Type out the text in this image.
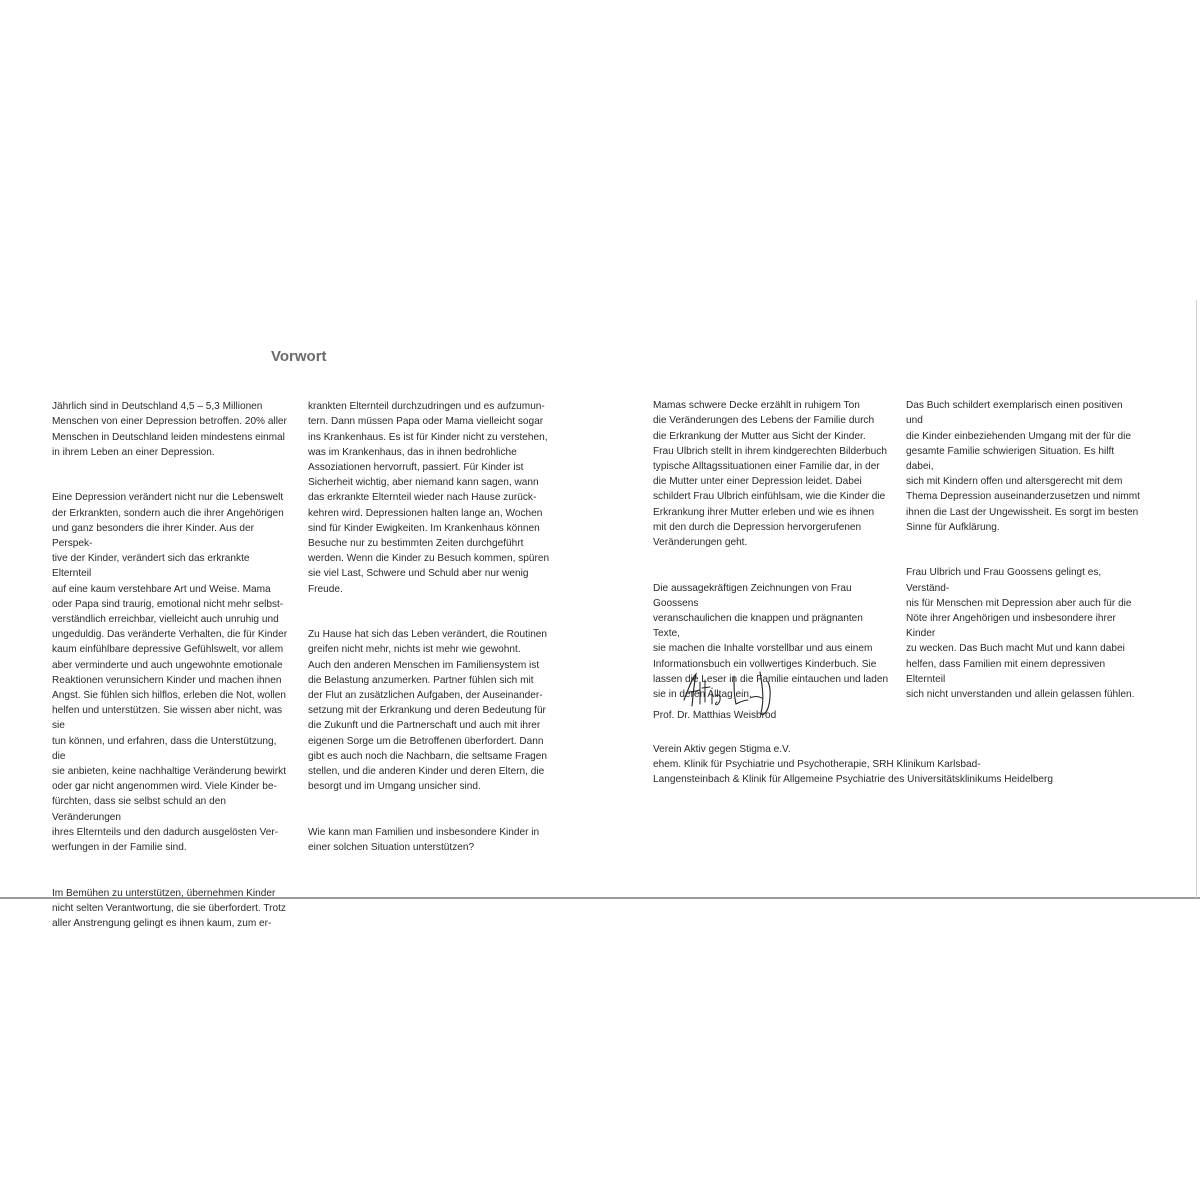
Vorwort

Jährlich sind in Deutschland 4,5 – 5,3 Millionen
Menschen von einer Depression betroffen. 20% aller
Menschen in Deutschland leiden mindestens einmal
in ihrem Leben an einer Depression.

Eine Depression verändert nicht nur die Lebenswelt
der Erkrankten, sondern auch die ihrer Angehörigen
und ganz besonders die ihrer Kinder. Aus der Perspek-
tive der Kinder, verändert sich das erkrankte Elternteil
auf eine kaum verstehbare Art und Weise. Mama
oder Papa sind traurig, emotional nicht mehr selbst-
verständlich erreichbar, vielleicht auch unruhig und
ungeduldig. Das veränderte Verhalten, die für Kinder
kaum einfühlbare depressive Gefühlswelt, vor allem
aber verminderte und auch ungewohnte emotionale
Reaktionen verunsichern Kinder und machen ihnen
Angst. Sie fühlen sich hilflos, erleben die Not, wollen
helfen und unterstützen. Sie wissen aber nicht, was sie
tun können, und erfahren, dass die Unterstützung, die
sie anbieten, keine nachhaltige Veränderung bewirkt
oder gar nicht angenommen wird. Viele Kinder be-
fürchten, dass sie selbst schuld an den Veränderungen
ihres Elternteils und den dadurch ausgelösten Ver-
werfungen in der Familie sind.

Im Bemühen zu unterstützen, übernehmen Kinder
nicht selten Verantwortung, die sie überfordert. Trotz
aller Anstrengung gelingt es ihnen kaum, zum er-

krankten Elternteil durchzudringen und es aufzumun-
tern. Dann müssen Papa oder Mama vielleicht sogar
ins Krankenhaus. Es ist für Kinder nicht zu verstehen,
was im Krankenhaus, das in ihnen bedrohliche
Assoziationen hervorruft, passiert. Für Kinder ist
Sicherheit wichtig, aber niemand kann sagen, wann
das erkrankte Elternteil wieder nach Hause zurück-
kehren wird. Depressionen halten lange an, Wochen
sind für Kinder Ewigkeiten. Im Krankenhaus können
Besuche nur zu bestimmten Zeiten durchgeführt
werden. Wenn die Kinder zu Besuch kommen, spüren
sie viel Last, Schwere und Schuld aber nur wenig
Freude.

Zu Hause hat sich das Leben verändert, die Routinen
greifen nicht mehr, nichts ist mehr wie gewohnt.
Auch den anderen Menschen im Familiensystem ist
die Belastung anzumerken. Partner fühlen sich mit
der Flut an zusätzlichen Aufgaben, der Auseinander-
setzung mit der Erkrankung und deren Bedeutung für
die Zukunft und die Partnerschaft und auch mit ihrer
eigenen Sorge um die Betroffenen überfordert. Dann
gibt es auch noch die Nachbarn, die seltsame Fragen
stellen, und die anderen Kinder und deren Eltern, die
besorgt und im Umgang unsicher sind.

Wie kann man Familien und insbesondere Kinder in
einer solchen Situation unterstützen?

Mamas schwere Decke erzählt in ruhigem Ton
die Veränderungen des Lebens der Familie durch
die Erkrankung der Mutter aus Sicht der Kinder.
Frau Ulbrich stellt in ihrem kindgerechten Bilderbuch
typische Alltagssituationen einer Familie dar, in der
die Mutter unter einer Depression leidet. Dabei
schildert Frau Ulbrich einfühlsam, wie die Kinder die
Erkrankung ihrer Mutter erleben und wie es ihnen
mit den durch die Depression hervorgerufenen
Veränderungen geht.

Die aussagekräftigen Zeichnungen von Frau Goossens
veranschaulichen die knappen und prägnanten Texte,
sie machen die Inhalte vorstellbar und aus einem
Informationsbuch ein vollwertiges Kinderbuch. Sie
lassen die Leser in die Familie eintauchen und laden
sie in deren Alltag ein.

Prof. Dr. Matthias Weisbrod

Verein Aktiv gegen Stigma e.V.
ehem. Klinik für Psychiatrie und Psychotherapie, SRH Klinikum Karlsbad-
Langensteinbach & Klinik für Allgemeine Psychiatrie des Universitätsklinikums Heidelberg

Das Buch schildert exemplarisch einen positiven und
die Kinder einbeziehenden Umgang mit der für die
gesamte Familie schwierigen Situation. Es hilft dabei,
sich mit Kindern offen und altersgerecht mit dem
Thema Depression auseinanderzusetzen und nimmt
ihnen die Last der Ungewissheit. Es sorgt im besten
Sinne für Aufklärung.

Frau Ulbrich und Frau Goossens gelingt es, Verständ-
nis für Menschen mit Depression aber auch für die
Nöte ihrer Angehörigen und insbesondere ihrer Kinder
zu wecken. Das Buch macht Mut und kann dabei
helfen, dass Familien mit einem depressiven Elternteil
sich nicht unverstanden und allein gelassen fühlen.
